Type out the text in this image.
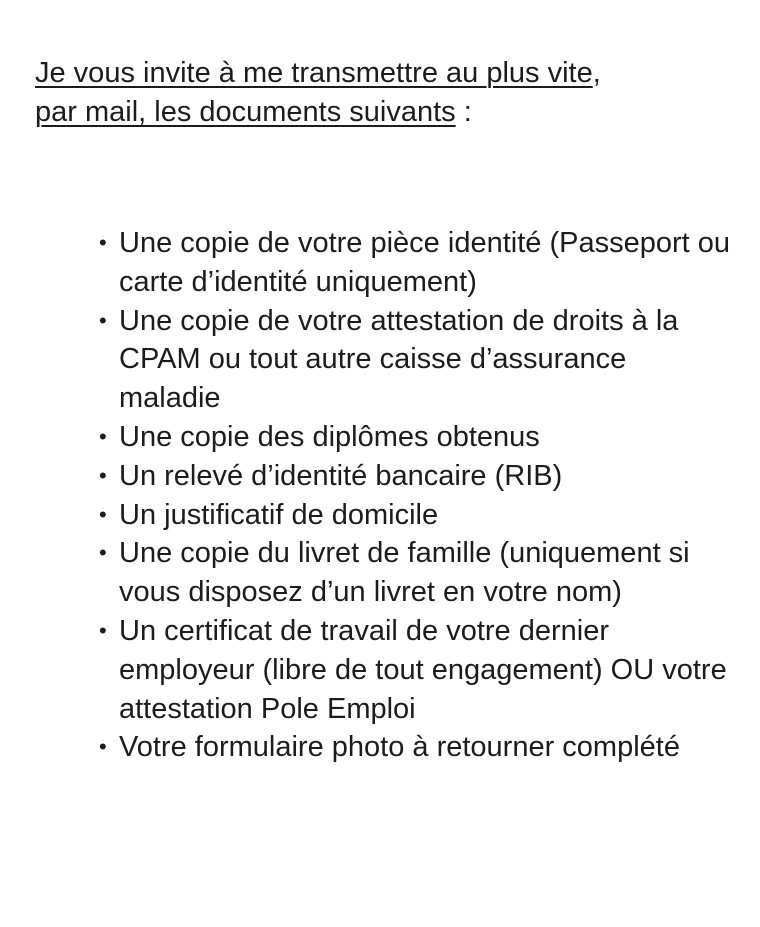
Je vous invite à me transmettre au plus vite,
par mail, les documents suivants :

• Une copie de votre pièce identité (Passeport ou carte d’identité uniquement)
• Une copie de votre attestation de droits à la CPAM ou tout autre caisse d’assurance maladie
• Une copie des diplômes obtenus
• Un relevé d’identité bancaire (RIB)
• Un justificatif de domicile
• Une copie du livret de famille (uniquement si vous disposez d’un livret en votre nom)
• Un certificat de travail de votre dernier employeur (libre de tout engagement) OU votre attestation Pole Emploi
• Votre formulaire photo à retourner complété
